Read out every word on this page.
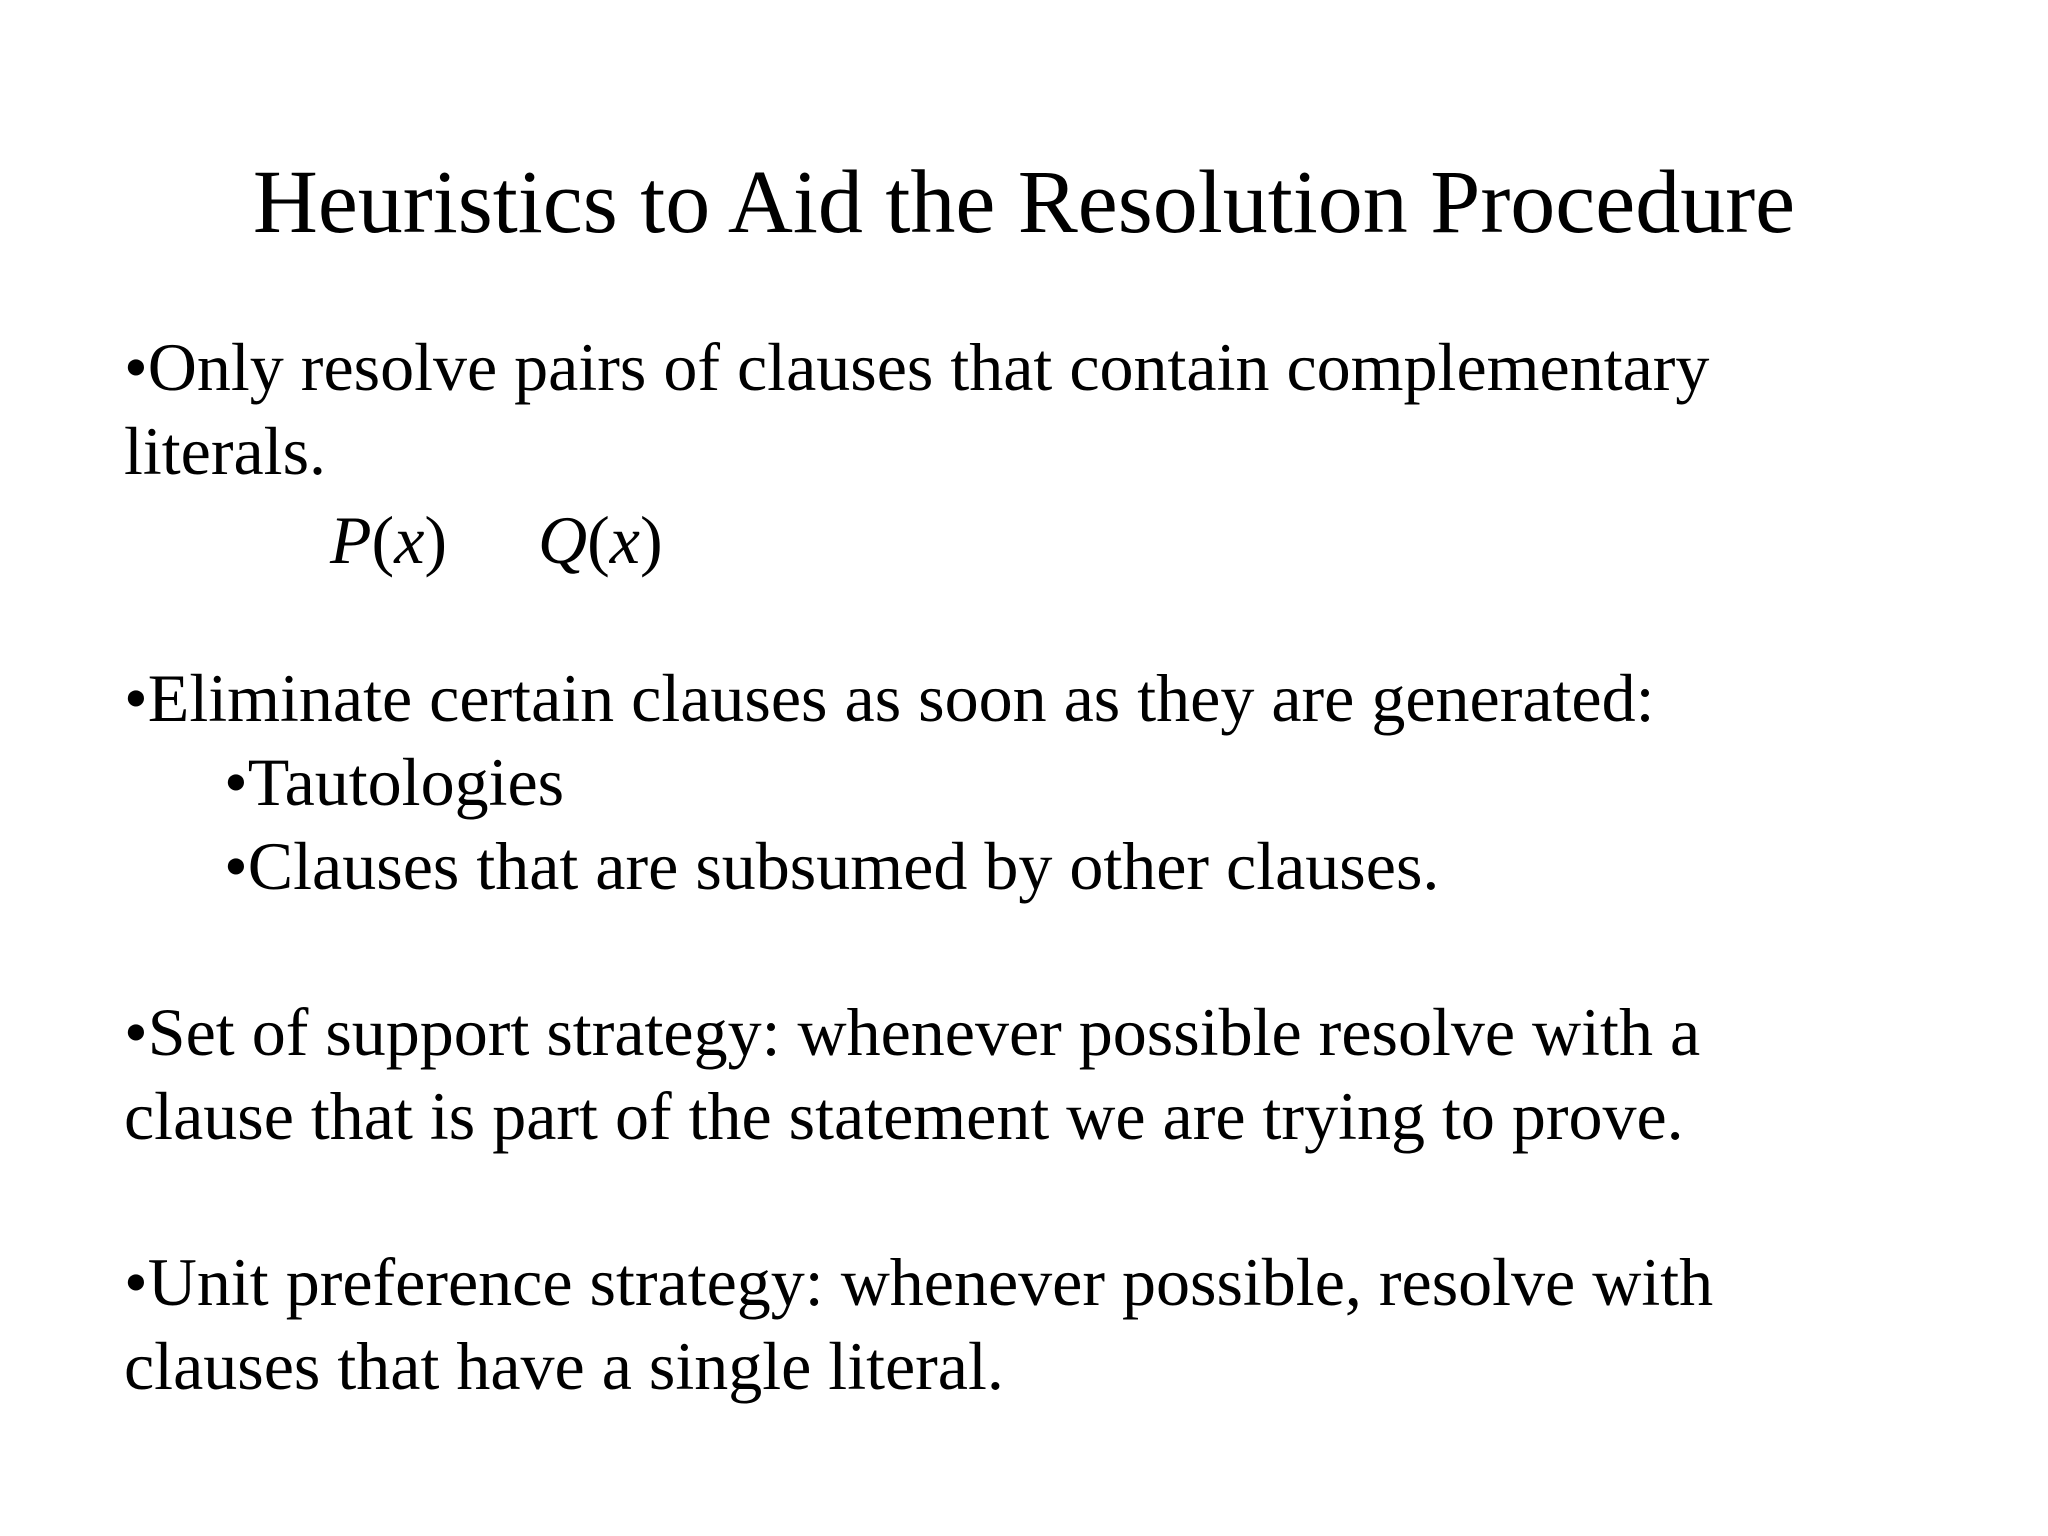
Heuristics to Aid the Resolution Procedure
•Only resolve pairs of clauses that contain complementary
literals.
P(x) Q(x)
•Eliminate certain clauses as soon as they are generated:
•Tautologies
•Clauses that are subsumed by other clauses.
•Set of support strategy: whenever possible resolve with a
clause that is part of the statement we are trying to prove.
•Unit preference strategy: whenever possible, resolve with
clauses that have a single literal.
